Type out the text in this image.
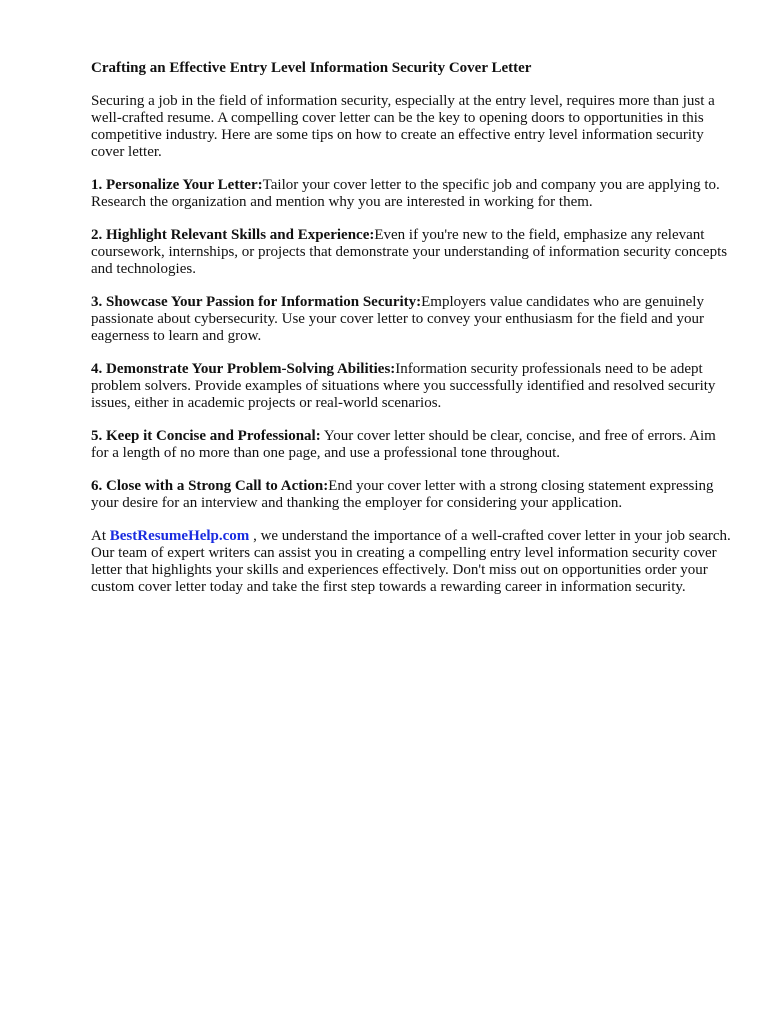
Crafting an Effective Entry Level Information Security Cover Letter

Securing a job in the field of information security, especially at the entry level, requires more than just a well-crafted resume. A compelling cover letter can be the key to opening doors to opportunities in this competitive industry. Here are some tips on how to create an effective entry level information security cover letter.

1. Personalize Your Letter:Tailor your cover letter to the specific job and company you are applying to. Research the organization and mention why you are interested in working for them.

2. Highlight Relevant Skills and Experience:Even if you're new to the field, emphasize any relevant coursework, internships, or projects that demonstrate your understanding of information security concepts and technologies.

3. Showcase Your Passion for Information Security:Employers value candidates who are genuinely passionate about cybersecurity. Use your cover letter to convey your enthusiasm for the field and your eagerness to learn and grow.

4. Demonstrate Your Problem-Solving Abilities:Information security professionals need to be adept problem solvers. Provide examples of situations where you successfully identified and resolved security issues, either in academic projects or real-world scenarios.

5. Keep it Concise and Professional: Your cover letter should be clear, concise, and free of errors. Aim for a length of no more than one page, and use a professional tone throughout.

6. Close with a Strong Call to Action:End your cover letter with a strong closing statement expressing your desire for an interview and thanking the employer for considering your application.

At BestResumeHelp.com , we understand the importance of a well-crafted cover letter in your job search. Our team of expert writers can assist you in creating a compelling entry level information security cover letter that highlights your skills and experiences effectively. Don't miss out on opportunities order your custom cover letter today and take the first step towards a rewarding career in information security.
